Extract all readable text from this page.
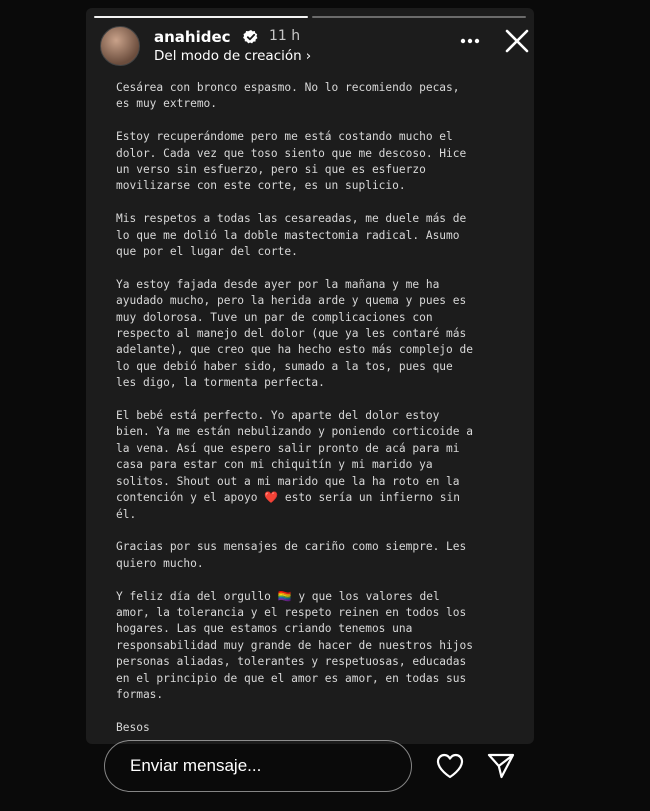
anahidec	11 h
Del modo de creación ›

Cesárea con bronco espasmo. No lo recomiendo pecas,
es muy extremo.

Estoy recuperándome pero me está costando mucho el
dolor. Cada vez que toso siento que me descoso. Hice
un verso sin esfuerzo, pero si que es esfuerzo
movilizarse con este corte, es un suplicio.

Mis respetos a todas las cesareadas, me duele más de
lo que me dolió la doble mastectomia radical. Asumo
que por el lugar del corte.

Ya estoy fajada desde ayer por la mañana y me ha
ayudado mucho, pero la herida arde y quema y pues es
muy dolorosa. Tuve un par de complicaciones con
respecto al manejo del dolor (que ya les contaré más
adelante), que creo que ha hecho esto más complejo de
lo que debió haber sido, sumado a la tos, pues que
les digo, la tormenta perfecta.

El bebé está perfecto. Yo aparte del dolor estoy
bien. Ya me están nebulizando y poniendo corticoide a
la vena. Así que espero salir pronto de acá para mi
casa para estar con mi chiquitín y mi marido ya
solitos. Shout out a mi marido que la ha roto en la
contención y el apoyo ❤️ esto sería un infierno sin
él.

Gracias por sus mensajes de cariño como siempre. Les
quiero mucho.

Y feliz día del orgullo 🏳️‍🌈 y que los valores del
amor, la tolerancia y el respeto reinen en todos los
hogares. Las que estamos criando tenemos una
responsabilidad muy grande de hacer de nuestros hijos
personas aliadas, tolerantes y respetuosas, educadas
en el principio de que el amor es amor, en todas sus
formas.

Besos

Enviar mensaje...
